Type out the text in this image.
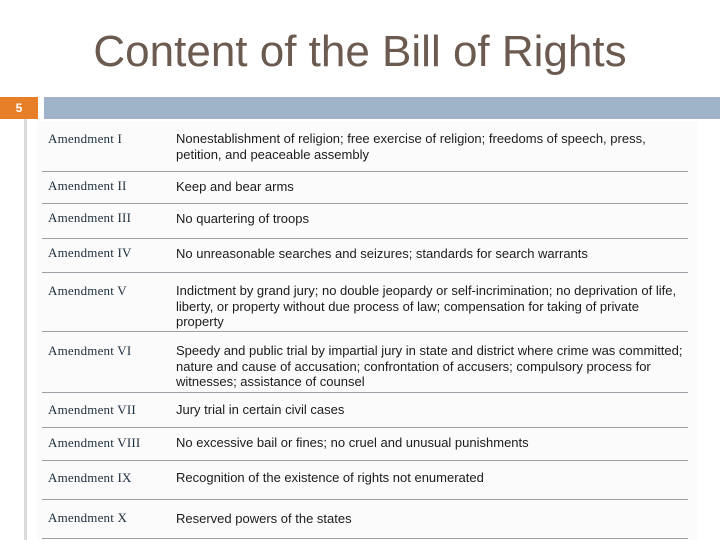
Content of the Bill of Rights
5
Amendment I	Nonestablishment of religion; free exercise of religion; freedoms of speech, press, petition, and peaceable assembly
Amendment II	Keep and bear arms
Amendment III	No quartering of troops
Amendment IV	No unreasonable searches and seizures; standards for search warrants
Amendment V	Indictment by grand jury; no double jeopardy or self-incrimination; no deprivation of life, liberty, or property without due process of law; compensation for taking of private property
Amendment VI	Speedy and public trial by impartial jury in state and district where crime was committed; nature and cause of accusation; confrontation of accusers; compulsory process for witnesses; assistance of counsel
Amendment VII	Jury trial in certain civil cases
Amendment VIII	No excessive bail or fines; no cruel and unusual punishments
Amendment IX	Recognition of the existence of rights not enumerated
Amendment X	Reserved powers of the states
